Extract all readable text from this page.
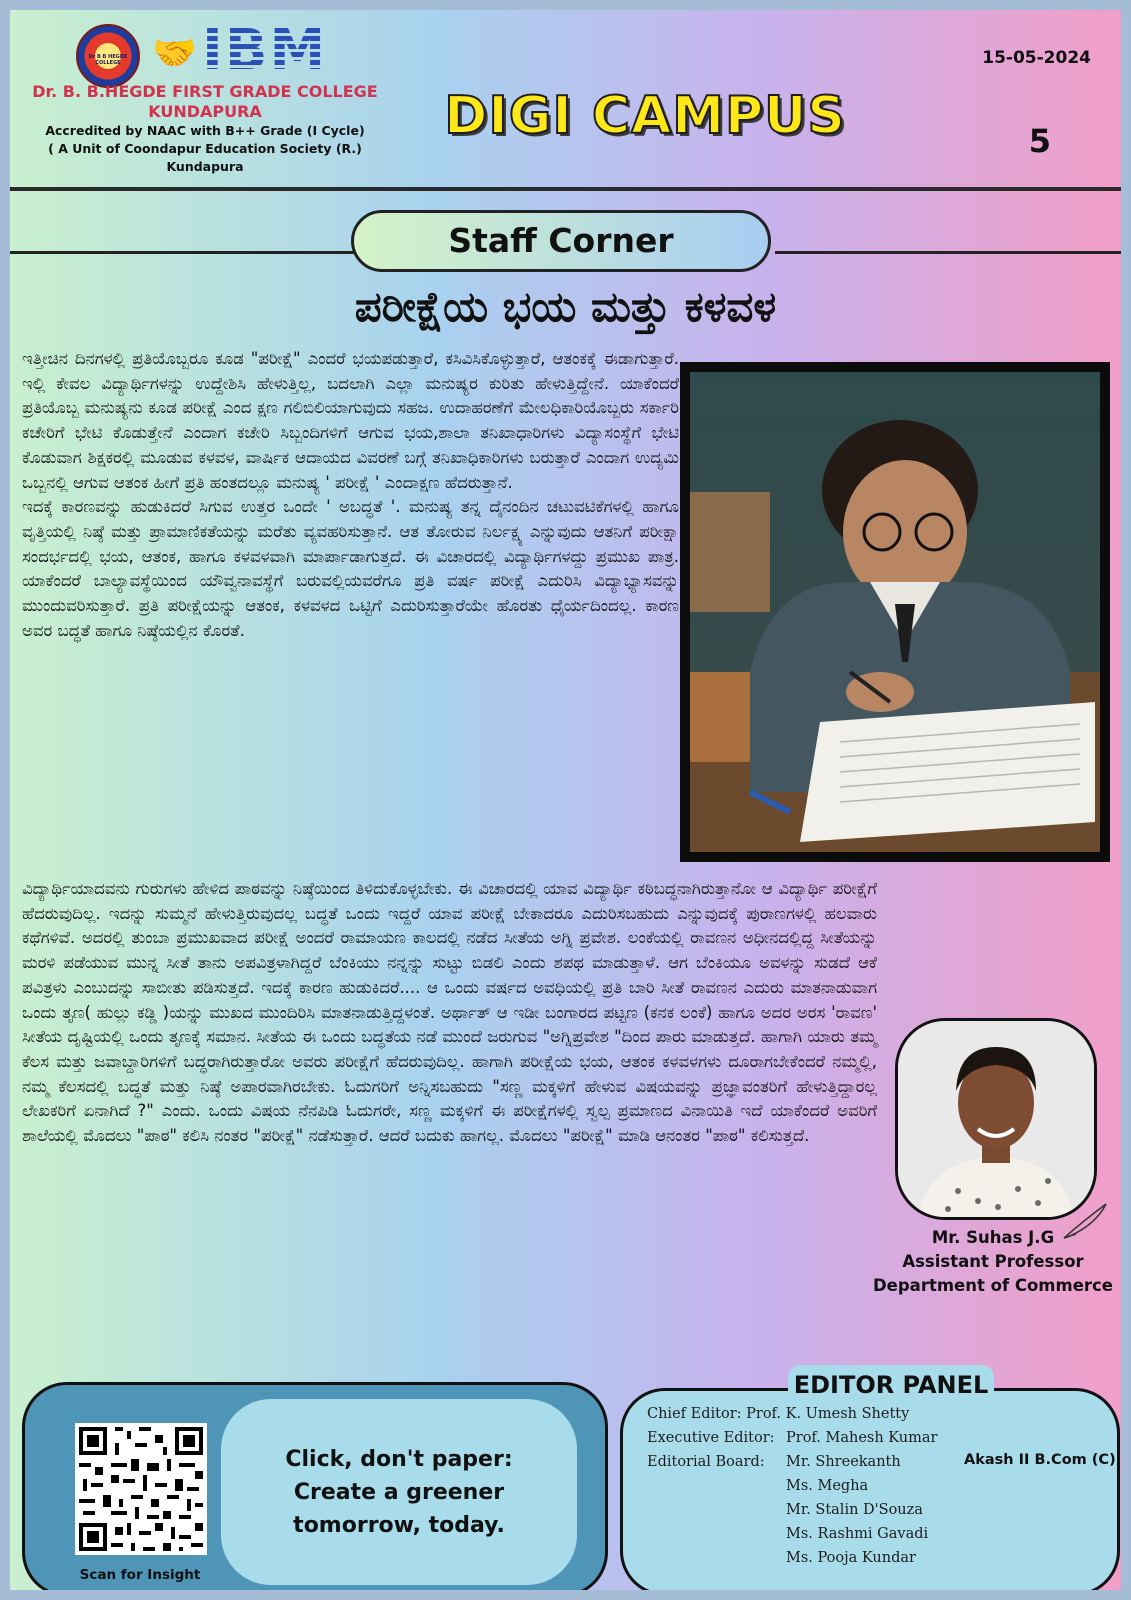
Dr B B HEGDE COLLEGE 🤝 IBM
Dr. B. B.HEGDE FIRST GRADE COLLEGE
KUNDAPURA
Accredited by NAAC with B++ Grade (I Cycle)
( A Unit of Coondapur Education Society (R.)
Kundapura
DIGI CAMPUS
15-05-2024
5
Staff Corner
ಪರೀಕ್ಷೆಯ ಭಯ ಮತ್ತು ಕಳವಳ
ಇತ್ತೀಚಿನ ದಿನಗಳಲ್ಲಿ ಪ್ರತಿಯೊಬ್ಬರೂ ಕೂಡ "ಪರೀಕ್ಷೆ" ಎಂದರೆ ಭಯಪಡುತ್ತಾರೆ, ಕಸಿವಿಸಿಕೊಳ್ಳುತ್ತಾರೆ, ಆತಂಕಕ್ಕೆ ಈಡಾಗುತ್ತಾರೆ. ಇಲ್ಲಿ ಕೇವಲ ವಿದ್ಯಾರ್ಥಿಗಳನ್ನು ಉದ್ದೇಶಿಸಿ ಹೇಳುತ್ತಿಲ್ಲ, ಬದಲಾಗಿ ಎಲ್ಲಾ ಮನುಷ್ಯರ ಕುರಿತು ಹೇಳುತ್ತಿದ್ದೇನೆ. ಯಾಕೆಂದರೆ ಪ್ರತಿಯೊಬ್ಬ ಮನುಷ್ಯನು ಕೂಡ ಪರೀಕ್ಷೆ ಎಂದ ಕ್ಷಣ ಗಲಿಬಿಲಿಯಾಗುವುದು ಸಹಜ. ಉದಾಹರಣೆಗೆ ಮೇಲಧಿಕಾರಿಯೊಬ್ಬರು ಸರ್ಕಾರಿ ಕಚೇರಿಗೆ ಭೇಟಿ ಕೊಡುತ್ತೇನೆ ಎಂದಾಗ ಕಚೇರಿ ಸಿಬ್ಬಂದಿಗಳಿಗೆ ಆಗುವ ಭಯ,ಶಾಲಾ ತನಿಖಾಧಾರಿಗಳು ವಿದ್ಯಾಸಂಸ್ಥೆಗೆ ಭೇಟಿ ಕೊಡುವಾಗ ಶಿಕ್ಷಕರಲ್ಲಿ ಮೂಡುವ ಕಳವಳ, ವಾರ್ಷಿಕ ಆದಾಯದ ವಿವರಣೆ ಬಗ್ಗೆ ತನಿಖಾಧಿಕಾರಿಗಳು ಬರುತ್ತಾರೆ ಎಂದಾಗ ಉದ್ಯಮಿ ಒಬ್ಬನಲ್ಲಿ ಆಗುವ ಆತಂಕ ಹೀಗೆ ಪ್ರತಿ ಹಂತದಲ್ಲೂ ಮನುಷ್ಯ ' ಪರೀಕ್ಷೆ ' ಎಂದಾಕ್ಷಣ ಹೆದರುತ್ತಾನೆ.
ಇದಕ್ಕೆ ಕಾರಣವನ್ನು ಹುಡುಕಿದರೆ ಸಿಗುವ ಉತ್ತರ ಒಂದೇ ' ಅಬದ್ಧತೆ '. ಮನುಷ್ಯ ತನ್ನ ದೈನಂದಿನ ಚಟುವಟಿಕೆಗಳಲ್ಲಿ ಹಾಗೂ ವೃತ್ತಿಯಲ್ಲಿ ನಿಷ್ಠೆ ಮತ್ತು ಪ್ರಾಮಾಣಿಕತೆಯನ್ನು ಮರೆತು ವ್ಯವಹರಿಸುತ್ತಾನೆ. ಆತ ತೋರುವ ನಿರ್ಲಕ್ಷ್ಯ ಎನ್ನುವುದು ಆತನಿಗೆ ಪರೀಕ್ಷಾ ಸಂದರ್ಭದಲ್ಲಿ ಭಯ, ಆತಂಕ, ಹಾಗೂ ಕಳವಳವಾಗಿ ಮಾರ್ಪಾಡಾಗುತ್ತದೆ. ಈ ವಿಚಾರದಲ್ಲಿ ವಿದ್ಯಾರ್ಥಿಗಳದ್ದು ಪ್ರಮುಖ ಪಾತ್ರ. ಯಾಕೆಂದರೆ ಬಾಲ್ಯಾವಸ್ಥೆಯಿಂದ ಯೌವ್ವನಾವಸ್ಥೆಗೆ ಬರುವಲ್ಲಿಯವರೆಗೂ ಪ್ರತಿ ವರ್ಷ ಪರೀಕ್ಷೆ ಎದುರಿಸಿ ವಿದ್ಯಾಭ್ಯಾಸವನ್ನು ಮುಂದುವರಿಸುತ್ತಾರೆ. ಪ್ರತಿ ಪರೀಕ್ಷೆಯನ್ನು ಆತಂಕ, ಕಳವಳದ ಒಟ್ಟಿಗೆ ಎದುರಿಸುತ್ತಾರೆಯೇ ಹೊರತು ಧೈರ್ಯದಿಂದಲ್ಲ. ಕಾರಣ ಅವರ ಬದ್ಧತೆ ಹಾಗೂ ನಿಷ್ಠೆಯಲ್ಲಿನ ಕೊರತೆ.
ವಿದ್ಯಾರ್ಥಿಯಾದವನು ಗುರುಗಳು ಹೇಳಿದ ಪಾಠವನ್ನು ನಿಷ್ಠೆಯಿಂದ ತಿಳಿದುಕೊಳ್ಳಬೇಕು. ಈ ವಿಚಾರದಲ್ಲಿ ಯಾವ ವಿದ್ಯಾರ್ಥಿ ಕಠಿಬದ್ಧನಾಗಿರುತ್ತಾನೋ ಆ ವಿದ್ಯಾರ್ಥಿ ಪರೀಕ್ಷೆಗೆ ಹೆದರುವುದಿಲ್ಲ. ಇದನ್ನು ಸುಮ್ಮನೆ ಹೇಳುತ್ತಿರುವುದಲ್ಲ ಬದ್ಧತೆ ಒಂದು ಇದ್ದರೆ ಯಾವ ಪರೀಕ್ಷೆ ಬೇಕಾದರೂ ಎದುರಿಸಬಹುದು ಎನ್ನುವುದಕ್ಕೆ ಪುರಾಣಗಳಲ್ಲಿ ಹಲವಾರು ಕಥೆಗಳಿವೆ. ಅದರಲ್ಲಿ ತುಂಬಾ ಪ್ರಮುಖವಾದ ಪರೀಕ್ಷೆ ಅಂದರೆ ರಾಮಾಯಣ ಕಾಲದಲ್ಲಿ ನಡೆದ ಸೀತೆಯ ಅಗ್ನಿ ಪ್ರವೇಶ. ಲಂಕೆಯಲ್ಲಿ ರಾವಣನ ಅಧೀನದಲ್ಲಿದ್ದ ಸೀತೆಯನ್ನು ಮರಳಿ ಪಡೆಯುವ ಮುನ್ನ ಸೀತೆ ತಾನು ಅಪವಿತ್ರಳಾಗಿದ್ದರೆ ಬೆಂಕಿಯು ನನ್ನನ್ನು ಸುಟ್ಟು ಬಿಡಲಿ ಎಂದು ಶಪಥ ಮಾಡುತ್ತಾಳೆ. ಆಗ ಬೆಂಕಿಯೂ ಅವಳನ್ನು ಸುಡದೆ ಆಕೆ ಪವಿತ್ರಳು ಎಂಬುದನ್ನು ಸಾಬೀತು ಪಡಿಸುತ್ತದೆ. ಇದಕ್ಕೆ ಕಾರಣ ಹುಡುಕಿದರೆ.... ಆ ಒಂದು ವರ್ಷದ ಅವಧಿಯಲ್ಲಿ ಪ್ರತಿ ಬಾರಿ ಸೀತೆ ರಾವಣನ ಎದುರು ಮಾತನಾಡುವಾಗ ಒಂದು ತೃಣ( ಹುಲ್ಲು ಕಡ್ಡಿ )ಯನ್ನು ಮುಖದ ಮುಂದಿರಿಸಿ ಮಾತನಾಡುತ್ತಿದ್ದಳಂತೆ. ಅರ್ಥಾತ್ ಆ ಇಡೀ ಬಂಗಾರದ ಪಟ್ಟಣ (ಕನಕ ಲಂಕೆ) ಹಾಗೂ ಅದರ ಅರಸ 'ರಾವಣ' ಸೀತೆಯ ದೃಷ್ಟಿಯಲ್ಲಿ ಒಂದು ತೃಣಕ್ಕೆ ಸಮಾನ. ಸೀತೆಯ ಈ ಒಂದು ಬದ್ಧತೆಯ ನಡೆ ಮುಂದೆ ಜರುಗುವ "ಅಗ್ನಿಪ್ರವೇಶ "ದಿಂದ ಪಾರು ಮಾಡುತ್ತದೆ. ಹಾಗಾಗಿ ಯಾರು ತಮ್ಮ ಕೆಲಸ ಮತ್ತು ಜವಾಬ್ದಾರಿಗಳಿಗೆ ಬದ್ಧರಾಗಿರುತ್ತಾರೋ ಅವರು ಪರೀಕ್ಷೆಗೆ ಹೆದರುವುದಿಲ್ಲ. ಹಾಗಾಗಿ ಪರೀಕ್ಷೆಯ ಭಯ, ಆತಂಕ ಕಳವಳಗಳು ದೂರಾಗಬೇಕೆಂದರೆ ನಮ್ಮಲ್ಲಿ, ನಮ್ಮ ಕೆಲಸದಲ್ಲಿ ಬದ್ಧತೆ ಮತ್ತು ನಿಷ್ಠೆ ಅಪಾರವಾಗಿರಬೇಕು. ಓದುಗರಿಗೆ ಅನ್ನಿಸಬಹುದು "ಸಣ್ಣ ಮಕ್ಕಳಿಗೆ ಹೇಳುವ ವಿಷಯವನ್ನು ಪ್ರಜ್ಞಾವಂತರಿಗೆ ಹೇಳುತ್ತಿದ್ದಾರಲ್ಲ ಲೇಖಕರಿಗೆ ಏನಾಗಿದೆ ?" ಎಂದು. ಒಂದು ವಿಷಯ ನೆನಪಿಡಿ ಓದುಗರೇ, ಸಣ್ಣ ಮಕ್ಕಳಿಗೆ ಈ ಪರೀಕ್ಷೆಗಳಲ್ಲಿ ಸ್ವಲ್ಪ ಪ್ರಮಾಣದ ವಿನಾಯಿತಿ ಇದೆ ಯಾಕೆಂದರೆ ಅವರಿಗೆ ಶಾಲೆಯಲ್ಲಿ ಮೊದಲು "ಪಾಠ" ಕಲಿಸಿ ನಂತರ "ಪರೀಕ್ಷೆ" ನಡೆಸುತ್ತಾರೆ. ಆದರೆ ಬದುಕು ಹಾಗಲ್ಲ. ಮೊದಲು "ಪರೀಕ್ಷೆ" ಮಾಡಿ ಆನಂತರ "ಪಾಠ" ಕಲಿಸುತ್ತದೆ.
Mr. Suhas J.G
Assistant Professor
Department of Commerce
Scan for Insight
Click, don't paper: Create a greener tomorrow, today.
EDITOR PANEL
Chief Editor: Prof. K. Umesh Shetty
Executive Editor: Prof. Mahesh Kumar
Editorial Board: Mr. Shreekanth
Ms. Megha
Mr. Stalin D'Souza
Ms. Rashmi Gavadi
Ms. Pooja Kundar
Akash II B.Com (C)
